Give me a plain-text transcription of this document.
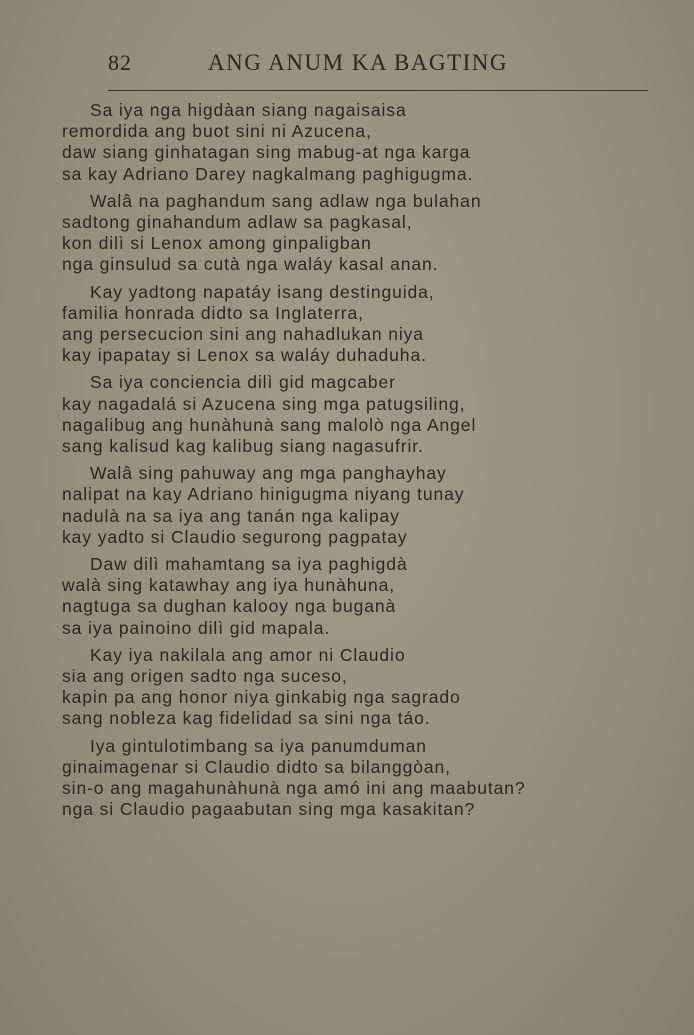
82	ANG ANUM KA BAGTING
Sa iya nga higdàan siang nagaisaisa
remordida ang buot sini ni Azucena,
daw siang ginhatagan sing mabug-at nga karga
sa kay Adriano Darey nagkalmang paghigugma.
Walâ na paghandum sang adlaw nga bulahan
sadtong ginahandum adlaw sa pagkasal,
kon dilì si Lenox among ginpaligban
nga ginsulud sa cutà nga waláy kasal anan.
Kay yadtong napatáy isang destinguida,
familia honrada didto sa Inglaterra,
ang persecucion sini ang nahadlukan niya
kay ipapatay si Lenox sa waláy duhaduha.
Sa iya conciencia dilì gid magcaber
kay nagadalá si Azucena sing mga patugsiling,
nagalibug ang hunàhunà sang malolò nga Angel
sang kalisud kag kalibug siang nagasufrir.
Walâ sing pahuway ang mga panghayhay
nalipat na kay Adriano hinigugma niyang tunay
nadulà na sa iya ang tanán nga kalipay
kay yadto si Claudio segurong pagpatay
Daw dilì mahamtang sa iya paghigdà
walà sing katawhay ang iya hunàhuna,
nagtuga sa dughan kalooy nga buganà
sa iya painoino dilì gid mapala.
Kay iya nakilala ang amor ni Claudio
sia ang origen sadto nga suceso,
kapin pa ang honor niya ginkabig nga sagrado
sang nobleza kag fidelidad sa sini nga táo.
Iya gintulotimbang sa iya panumduman
ginaimagenar si Claudio didto sa bilanggòan,
sin-o ang magahunàhunà nga amó ini ang maabutan?
nga si Claudio pagaabutan sing mga kasakitan?
